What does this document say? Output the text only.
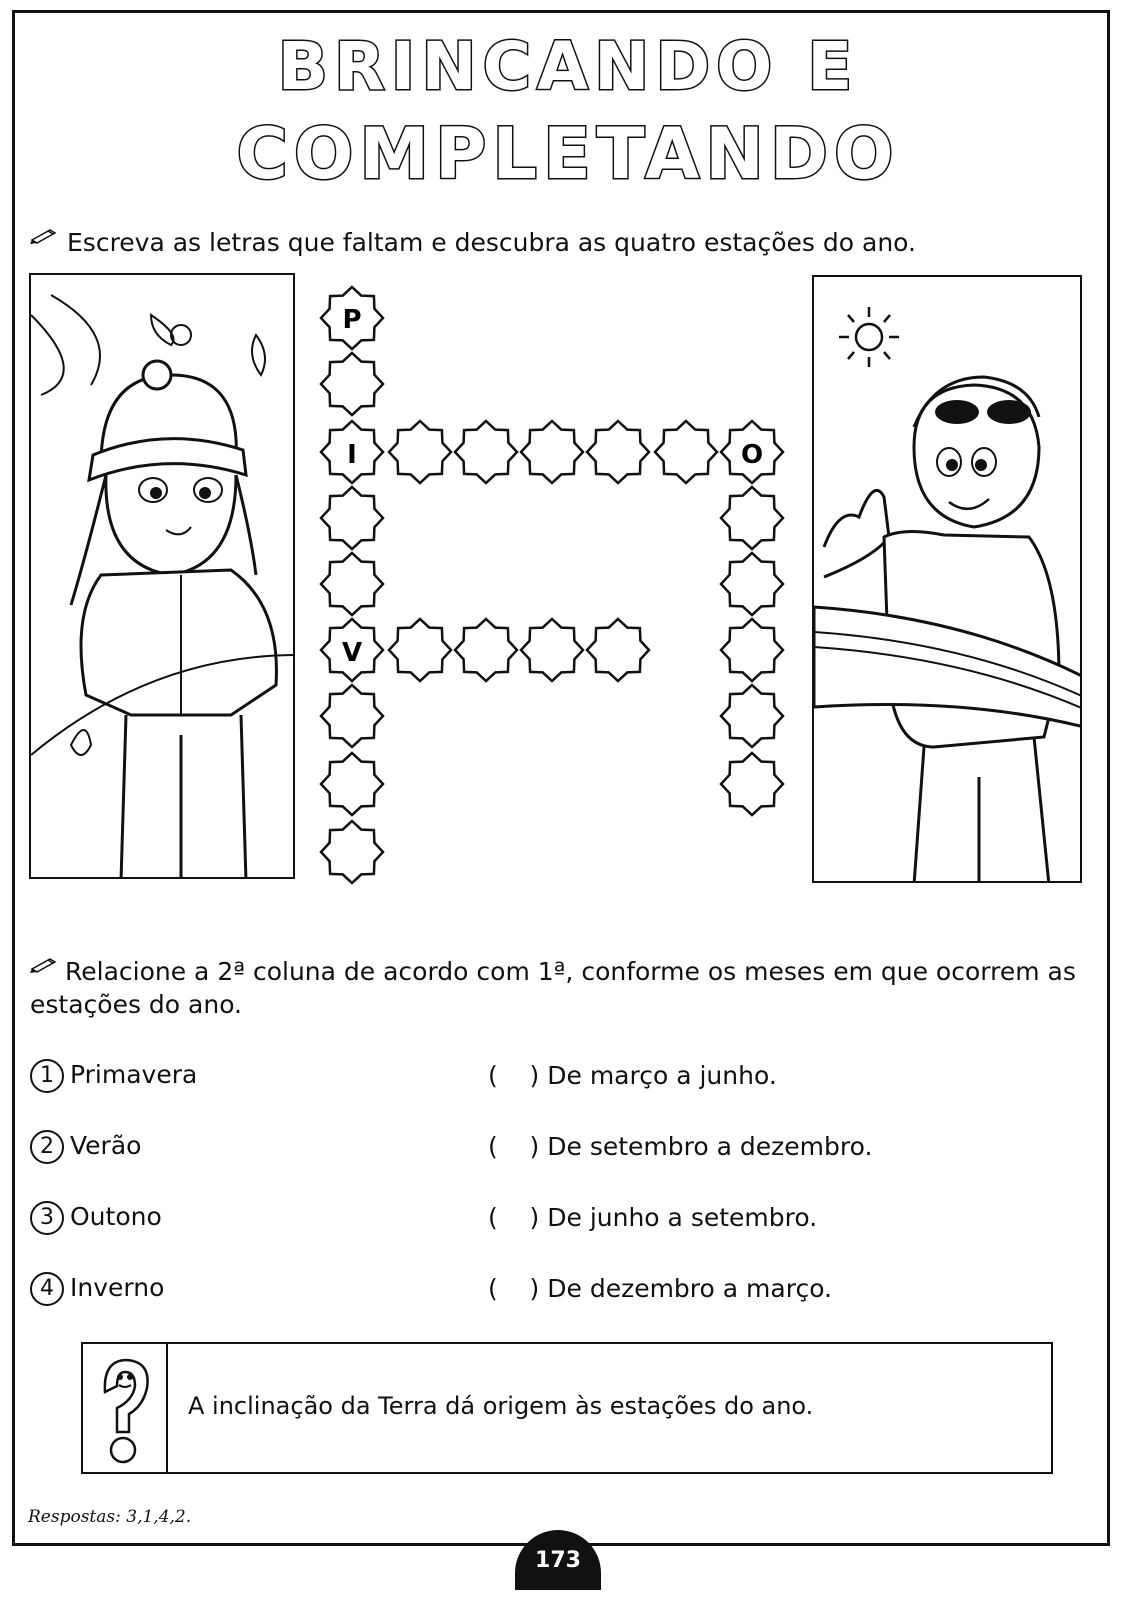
BRINCANDO E
COMPLETANDO
Escreva as letras que faltam e descubra as quatro estações do ano.
P
I	O
V
Relacione a 2ª coluna de acordo com 1ª, conforme os meses em que ocorrem as
estações do ano.
1 Primavera
2 Verão
3 Outono
4 Inverno
(    ) De março a junho.
(    ) De setembro a dezembro.
(    ) De junho a setembro.
(    ) De dezembro a março.
A inclinação da Terra dá origem às estações do ano.
Respostas: 3,1,4,2.
173
